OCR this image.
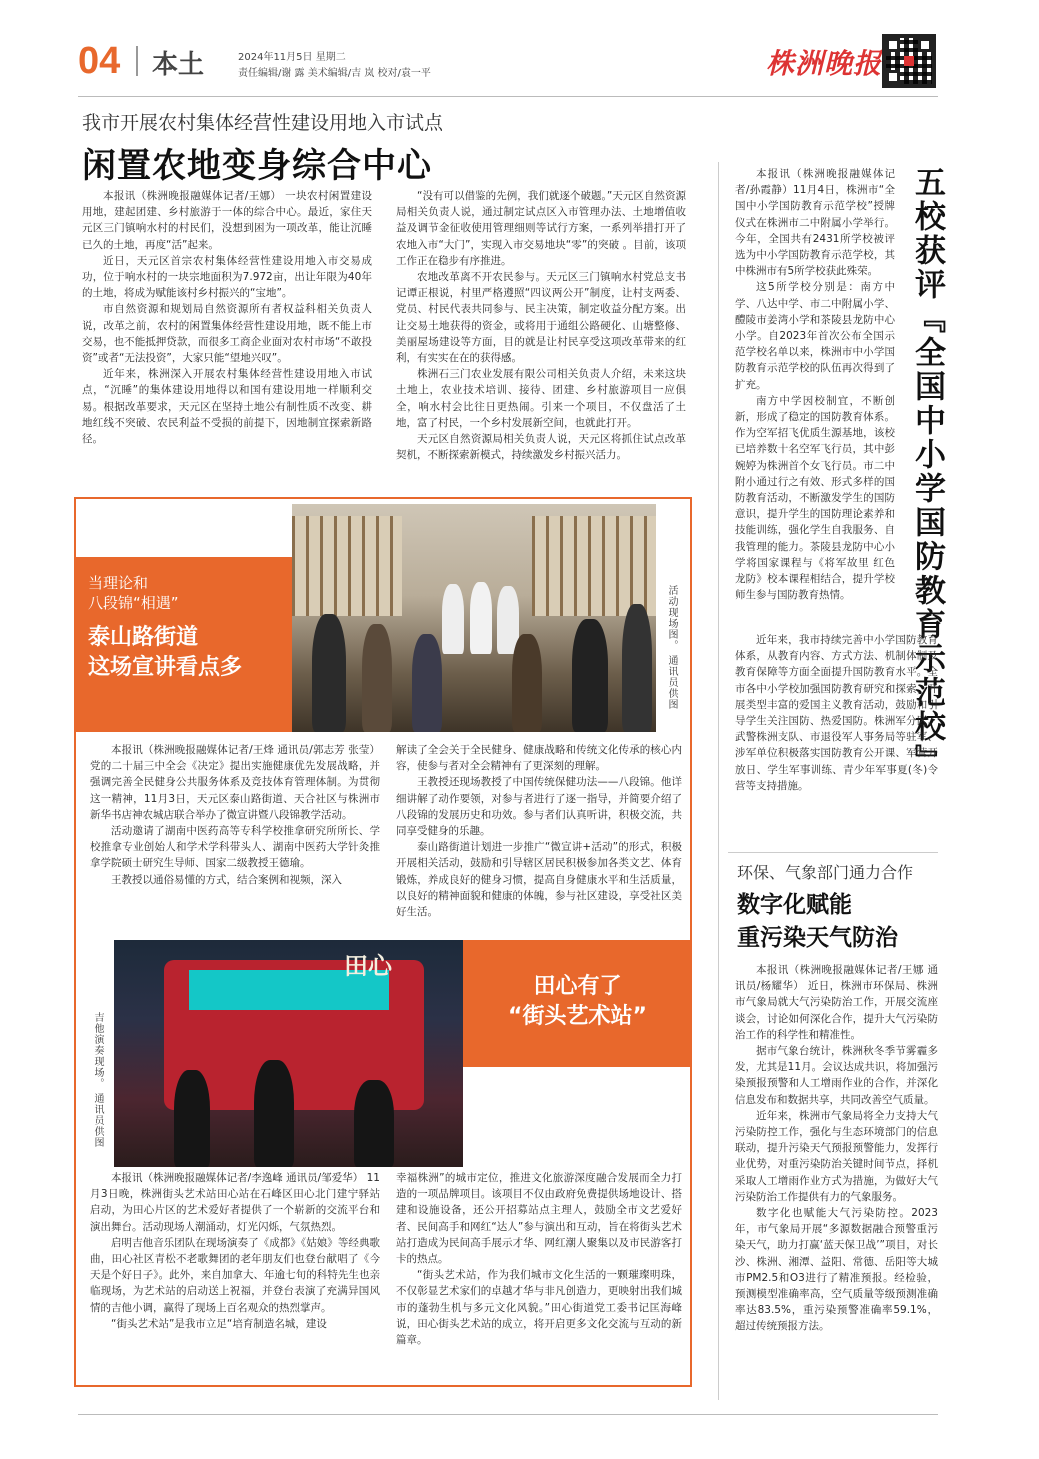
04 本土	2024年11月5日 星期二
责任编辑/谢 露 美术编辑/吉 岚 校对/袁一平	株洲晚报
我市开展农村集体经营性建设用地入市试点
闲置农地变身综合中心

本报讯（株洲晚报融媒体记者/王娜） 一块农村闲置建设用地，建起团建、乡村旅游于一体的综合中心。最近，家住天元区三门镇响水村的村民们，没想到困为一项改革，能让沉睡已久的土地，再度“活”起来。

近日，天元区首宗农村集体经营性建设用地入市交易成功，位于响水村的一块宗地面积为7.972亩，出让年限为40年的土地，将成为赋能该村乡村振兴的“宝地”。

市自然资源和规划局自然资源所有者权益科相关负责人说，改革之前，农村的闲置集体经营性建设用地，既不能上市交易，也不能抵押贷款，而很多工商企业面对农村市场“不敢投资”或者“无法投资”，大家只能“望地兴叹”。

近年来，株洲深入开展农村集体经营性建设用地入市试点，“沉睡”的集体建设用地得以和国有建设用地一样顺利交易。根据改革要求，天元区在坚持土地公有制性质不改变、耕地红线不突破、农民利益不受损的前提下，因地制宜探索新路径。

“没有可以借鉴的先例，我们就逐个破题。”天元区自然资源局相关负责人说，通过制定试点区入市管理办法、土地增值收益及调节金征收使用管理细则等试行方案，一系列举措打开了农地入市“大门”，实现入市交易地块“零”的突破 。目前，该项工作正在稳步有序推进。

农地改革离不开农民参与。天元区三门镇响水村党总支书记谭正根说，村里严格遵照“四议两公开”制度，让村支两委、党员、村民代表共同参与、民主决策，制定收益分配方案。出让交易土地获得的资金，或将用于通组公路硬化、山塘整修、美丽屋场建设等方面，目的就是让村民享受这项改革带来的红利，有实实在在的获得感。

株洲石三门农业发展有限公司相关负责人介绍，未来这块土地上，农业技术培训、接待、团建、乡村旅游项目一应俱全，响水村会比往日更热闹。引来一个项目，不仅盘活了土地，富了村民，一个乡村发展新空间，也就此打开。

天元区自然资源局相关负责人说，天元区将抓住试点改革契机，不断探索新模式，持续激发乡村振兴活力。	五校获评『全国中小学国防教育示范校』

本报讯（株洲晚报融媒体记者/孙霞静）11月4日，株洲市“全国中小学国防教育示范学校”授牌仪式在株洲市二中附属小学举行。今年，全国共有2431所学校被评选为中小学国防教育示范学校，其中株洲市有5所学校获此殊荣。

这5所学校分别是：南方中学、八达中学、市二中附属小学、醴陵市姜湾小学和茶陵县龙防中心小学。自2023年首次公布全国示范学校名单以来，株洲市中小学国防教育示范学校的队伍再次得到了扩充。

南方中学因校制宜，不断创新，形成了稳定的国防教育体系。作为空军招飞优质生源基地，该校已培养数十名空军飞行员，其中彭婉婷为株洲首个女飞行员。市二中附小通过行之有效、形式多样的国防教育活动，不断激发学生的国防意识，提升学生的国防理论素养和技能训练，强化学生自我服务、自我管理的能力。茶陵县龙防中心小学将国家课程与《将军故里 红色龙防》校本课程相结合，提升学校师生参与国防教育热情。

近年来，我市持续完善中小学国防教育体系，从教育内容、方式方法、机制体制及教育保障等方面全面提升国防教育水平。全市各中小学校加强国防教育研究和探索，开展类型丰富的爱国主义教育活动，鼓励和引导学生关注国防、热爱国防。株洲军分区、武警株洲支队、市退役军人事务局等驻军、涉军单位积极落实国防教育公开课、军营开放日、学生军事训练、青少年军事夏(冬)令营等支持措施。

环保、气象部门通力合作
数字化赋能
重污染天气防治

本报讯（株洲晚报融媒体记者/王娜 通讯员/杨耀华） 近日，株洲市环保局、株洲市气象局就大气污染防治工作，开展交流座谈会，讨论如何深化合作，提升大气污染防治工作的科学性和精准性。

据市气象台统计，株洲秋冬季节雾霾多发，尤其是11月。会议达成共识，将加强污染预报预警和人工增雨作业的合作，并深化信息发布和数据共享，共同改善空气质量。

近年来，株洲市气象局将全力支持大气污染防控工作，强化与生态环境部门的信息联动，提升污染天气预报预警能力，发挥行业优势，对重污染防治关键时间节点，择机采取人工增雨作业方式为措施，为做好大气污染防治工作提供有力的气象服务。

数字化也赋能大气污染防控。2023年，市气象局开展“多源数据融合预警重污染天气，助力打赢‘蓝天保卫战’”项目，对长沙、株洲、湘潭、益阳、常德、岳阳等大城市PM2.5和O3进行了精准预报。经检验，预测模型准确率高，空气质量等级预测准确率达83.5%，重污染预警准确率59.1%，超过传统预报方法。

当理论和
八段锦“相遇”
泰山路街道
这场宣讲看点多	活动现场图。 通讯员供图

本报讯（株洲晚报融媒体记者/王烽 通讯员/郭志芳 张莹） 党的二十届三中全会《决定》提出实施健康优先发展战略，并强调完善全民健身公共服务体系及竞技体育管理体制。为贯彻这一精神，11月3日，天元区泰山路街道、天合社区与株洲市新华书店神农城店联合举办了微宣讲暨八段锦教学活动。

活动邀请了湖南中医药高等专科学校推拿研究所所长、学校推拿专业创始人和学术学科带头人、湖南中医药大学针灸推拿学院硕士研究生导师、国家二级教授王德瑜。

王教授以通俗易懂的方式，结合案例和视频，深入

解读了全会关于全民健身、健康战略和传统文化传承的核心内容，使参与者对全会精神有了更深刻的理解。

王教授还现场教授了中国传统保健功法——八段锦。他详细讲解了动作要领，对参与者进行了逐一指导，并简要介绍了八段锦的发展历史和功效。参与者们认真听讲，积极交流，共同享受健身的乐趣。

泰山路街道计划进一步推广“微宣讲+活动”的形式，积极开展相关活动，鼓励和引导辖区居民积极参加各类文艺、体育锻炼，养成良好的健身习惯，提高自身健康水平和生活质量，以良好的精神面貌和健康的体魄，参与社区建设，享受社区美好生活。

吉他演奏现场。 通讯员供图
田心
田心有了
“街头艺术站”

本报讯（株洲晚报融媒体记者/李逸峰 通讯员/邹爱华） 11月3日晚，株洲街头艺术站田心站在石峰区田心北门建宁驿站启动，为田心片区的艺术爱好者提供了一个崭新的交流平台和演出舞台。活动现场人潮涌动，灯光闪烁，气氛热烈。

启明吉他音乐团队在现场演奏了《成都》《姑娘》等经典歌曲，田心社区青松不老歌舞团的老年朋友们也登台献唱了《今天是个好日子》。此外，来自加拿大、年逾七旬的科特先生也亲临现场，为艺术站的启动送上祝福，并登台表演了充满异国风情的吉他小调，赢得了现场上百名观众的热烈掌声。

“街头艺术站”是我市立足“培育制造名城，建设

幸福株洲”的城市定位，推进文化旅游深度融合发展而全力打造的一项品牌项目。该项目不仅由政府免费提供场地设计、搭建和设施设备，还公开招募站点主理人，鼓励全市文艺爱好者、民间高手和网红“达人”参与演出和互动，旨在将街头艺术站打造成为民间高手展示才华、网红潮人聚集以及市民游客打卡的热点。

“街头艺术站，作为我们城市文化生活的一颗璀璨明珠，不仅彰显艺术家们的卓越才华与非凡创造力，更映射出我们城市的蓬勃生机与多元文化风貌。”田心街道党工委书记匡海峰说，田心街头艺术站的成立，将开启更多文化交流与互动的新篇章。
